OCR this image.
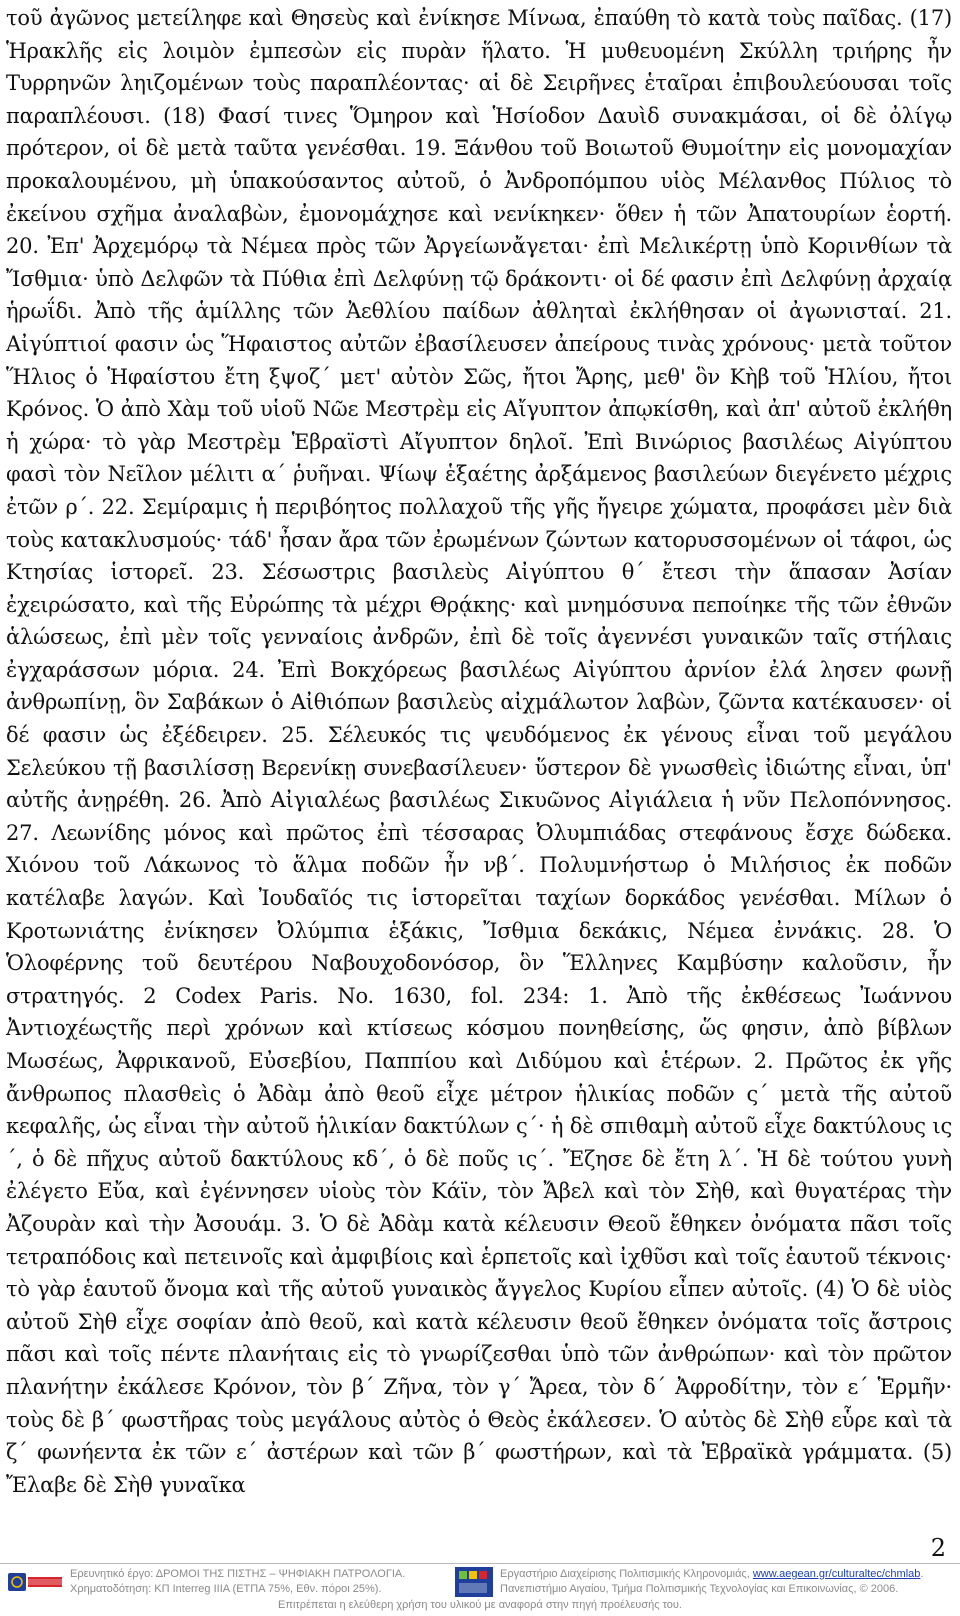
τοῦ ἀγῶνος μετείληφε καὶ Θησεὺς καὶ ἐνίκησε Μίνωα, ἐπαύθη τὸ κατὰ τοὺς παῖδας. (17) Ἡρακλῆς εἰς λοιμὸν ἐμπεσὼν εἰς πυρὰν ἥλατο. Ἡ μυθευομένη Σκύλλη τριήρης ἦν Τυρρηνῶν ληιζομένων τοὺς παραπλέοντας· αἱ δὲ Σειρῆνες ἑταῖραι ἐπιβουλεύουσαι τοῖς παραπλέουσι. (18) Φασί τινες Ὅμηρον καὶ Ἡσίοδον Δαυὶδ συνακμάσαι, οἱ δὲ ὀλίγῳ πρότερον, οἱ δὲ μετὰ ταῦτα γενέσθαι. 19. Ξάνθου τοῦ Βοιωτοῦ Θυμοίτην εἰς μονομαχίαν προκαλουμένου, μὴ ὑπακούσαντος αὐτοῦ, ὁ Ἀνδροπόμπου υἱὸς Μέλανθος Πύλιος τὸ ἐκείνου σχῆμα ἀναλαβὼν, ἐμονομάχησε καὶ νενίκηκεν· ὅθεν ἡ τῶν Ἀπατουρίων ἑορτή. 20. Ἐπ' Ἀρχεμόρῳ τὰ Νέμεα πρὸς τῶν Ἀργείωνἄγεται· ἐπὶ Μελικέρτῃ ὑπὸ Κορινθίων τὰ Ἴσθμια· ὑπὸ Δελφῶν τὰ Πύθια ἐπὶ Δελφύνῃ τῷ δράκοντι· οἱ δέ φασιν ἐπὶ Δελφύνῃ ἀρχαίᾳ ἡρωΐδι. Ἀπὸ τῆς ἁμίλλης τῶν Ἀεθλίου παίδων ἀθληταὶ ἐκλήθησαν οἱ ἀγωνισταί. 21. Αἰγύπτιοί φασιν ὡς Ἥφαιστος αὐτῶν ἐβασίλευσεν ἀπείρους τινὰς χρόνους· μετὰ τοῦτον Ἥλιος ὁ Ἡφαίστου ἔτη ξψοζ´ μετ' αὐτὸν Σῶς, ἤτοι Ἄρης, μεθ' ὃν Κὴβ τοῦ Ἡλίου, ἤτοι Κρόνος. Ὁ ἀπὸ Χὰμ τοῦ υἱοῦ Νῶε Μεστρὲμ εἰς Αἴγυπτον ἀπῳκίσθη, καὶ ἀπ' αὐτοῦ ἐκλήθη ἡ χώρα· τὸ γὰρ Μεστρὲμ Ἑβραϊστὶ Αἴγυπτον δηλοῖ. Ἐπὶ Βινώριος βασιλέως Αἰγύπτου φασὶ τὸν Νεῖλον μέλιτι α´ ῥυῆναι. Ψίωψ ἑξαέτης ἀρξάμενος βασιλεύων διεγένετο μέχρις ἐτῶν ρ´. 22. Σεμίραμις ἡ περιβόητος πολλαχοῦ τῆς γῆς ἤγειρε χώματα, προφάσει μὲν διὰ τοὺς κατακλυσμούς· τάδ' ἦσαν ἄρα τῶν ἐρωμένων ζώντων κατορυσσομένων οἱ τάφοι, ὡς Κτησίας ἱστορεῖ. 23. Σέσωστρις βασιλεὺς Αἰγύπτου θ´ ἔτεσι τὴν ἅπασαν Ἀσίαν ἐχειρώσατο, καὶ τῆς Εὐρώπης τὰ μέχρι Θρᾴκης· καὶ μνημόσυνα πεποίηκε τῆς τῶν ἐθνῶν ἁλώσεως, ἐπὶ μὲν τοῖς γενναίοις ἀνδρῶν, ἐπὶ δὲ τοῖς ἀγεννέσι γυναικῶν ταῖς στήλαις ἐγχαράσσων μόρια. 24. Ἐπὶ Βοκχόρεως βασιλέως Αἰγύπτου ἀρνίον ἐλά λησεν φωνῇ ἀνθρωπίνῃ, ὃν Σαβάκων ὁ Αἰθιόπων βασιλεὺς αἰχμάλωτον λαβὼν, ζῶντα κατέκαυσεν· οἱ δέ φασιν ὡς ἐξέδειρεν. 25. Σέλευκός τις ψευδόμενος ἐκ γένους εἶναι τοῦ μεγάλου Σελεύκου τῇ βασιλίσσῃ Βερενίκῃ συνεβασίλευεν· ὕστερον δὲ γνωσθεὶς ἰδιώτης εἶναι, ὑπ' αὐτῆς ἀνῃρέθη. 26. Ἀπὸ Αἰγιαλέως βασιλέως Σικυῶνος Αἰγιάλεια ἡ νῦν Πελοπόννησος. 27. Λεωνίδης μόνος καὶ πρῶτος ἐπὶ τέσσαρας Ὀλυμπιάδας στεφάνους ἔσχε δώδεκα. Χιόνου τοῦ Λάκωνος τὸ ἅλμα ποδῶν ἦν νβ´. Πολυμνήστωρ ὁ Μιλήσιος ἐκ ποδῶν κατέλαβε λαγών. Καὶ Ἰουδαῖός τις ἱστορεῖται ταχίων δορκάδος γενέσθαι. Μίλων ὁ Κροτωνιάτης ἐνίκησεν Ὀλύμπια ἑξάκις, Ἴσθμια δεκάκις, Νέμεα ἐννάκις. 28. Ὁ Ὁλοφέρνης τοῦ δευτέρου Ναβουχοδονόσορ, ὃν Ἕλληνες Καμβύσην καλοῦσιν, ἦν στρατηγός. 2 Codex Paris. No. 1630, fol. 234: 1. Ἀπὸ τῆς ἐκθέσεως Ἰωάννου Ἀντιοχέωςτῆς περὶ χρόνων καὶ κτίσεως κόσμου πονηθείσης, ὥς φησιν, ἀπὸ βίβλων Μωσέως, Ἀφρικανοῦ, Εὐσεβίου, Παππίου καὶ Διδύμου καὶ ἑτέρων. 2. Πρῶτος ἐκ γῆς ἄνθρωπος πλασθεὶς ὁ Ἀδὰμ ἀπὸ θεοῦ εἶχε μέτρον ἡλικίας ποδῶν ς´ μετὰ τῆς αὐτοῦ κεφαλῆς, ὡς εἶναι τὴν αὐτοῦ ἡλικίαν δακτύλων ς´· ἡ δὲ σπιθαμὴ αὐτοῦ εἶχε δακτύλους ις´, ὁ δὲ πῆχυς αὐτοῦ δακτύλους κδ´, ὁ δὲ ποῦς ις´. Ἔζησε δὲ ἔτη λ´. Ἡ δὲ τούτου γυνὴ ἐλέγετο Εὔα, καὶ ἐγέννησεν υἱοὺς τὸν Κάϊν, τὸν Ἄβελ καὶ τὸν Σὴθ, καὶ θυγατέρας τὴν Ἀζουρὰν καὶ τὴν Ἀσουάμ. 3. Ὁ δὲ Ἀδὰμ κατὰ κέλευσιν Θεοῦ ἔθηκεν ὀνόματα πᾶσι τοῖς τετραπόδοις καὶ πετεινοῖς καὶ ἀμφιβίοις καὶ ἑρπετοῖς καὶ ἰχθῦσι καὶ τοῖς ἑαυτοῦ τέκνοις· τὸ γὰρ ἑαυτοῦ ὄνομα καὶ τῆς αὐτοῦ γυναικὸς ἄγγελος Κυρίου εἶπεν αὐτοῖς. (4) Ὁ δὲ υἱὸς αὐτοῦ Σὴθ εἶχε σοφίαν ἀπὸ θεοῦ, καὶ κατὰ κέλευσιν θεοῦ ἔθηκεν ὀνόματα τοῖς ἄστροις πᾶσι καὶ τοῖς πέντε πλανήταις εἰς τὸ γνωρίζεσθαι ὑπὸ τῶν ἀνθρώπων· καὶ τὸν πρῶτον πλανήτην ἐκάλεσε Κρόνον, τὸν β´ Ζῆνα, τὸν γ´ Ἄρεα, τὸν δ´ Ἀφροδίτην, τὸν ε´ Ἑρμῆν· τοὺς δὲ β´ φωστῆρας τοὺς μεγάλους αὐτὸς ὁ Θεὸς ἐκάλεσεν. Ὁ αὐτὸς δὲ Σὴθ εὗρε καὶ τὰ ζ´ φωνήεντα ἐκ τῶν ε´ ἀστέρων καὶ τῶν β´ φωστήρων, καὶ τὰ Ἑβραϊκὰ γράμματα. (5) Ἔλαβε δὲ Σὴθ γυναῖκα

2
Ερευνητικό έργο: ΔΡΟΜΟΙ ΤΗΣ ΠΙΣΤΗΣ – ΨΗΦΙΑΚΗ ΠΑΤΡΟΛΟΓΙΑ.
Χρηματοδότηση: ΚΠ Interreg IIIA (ΕΤΠΑ 75%, Εθν. πόροι 25%).
Εργαστήριο Διαχείρισης Πολιτισμικής Κληρονομιάς, www.aegean.gr/culturaltec/chmlab.
Πανεπιστήμιο Αιγαίου, Τμήμα Πολιτισμικής Τεχνολογίας και Επικοινωνίας, © 2006.
Επιτρέπεται η ελεύθερη χρήση του υλικού με αναφορά στην πηγή προέλευσής του.
